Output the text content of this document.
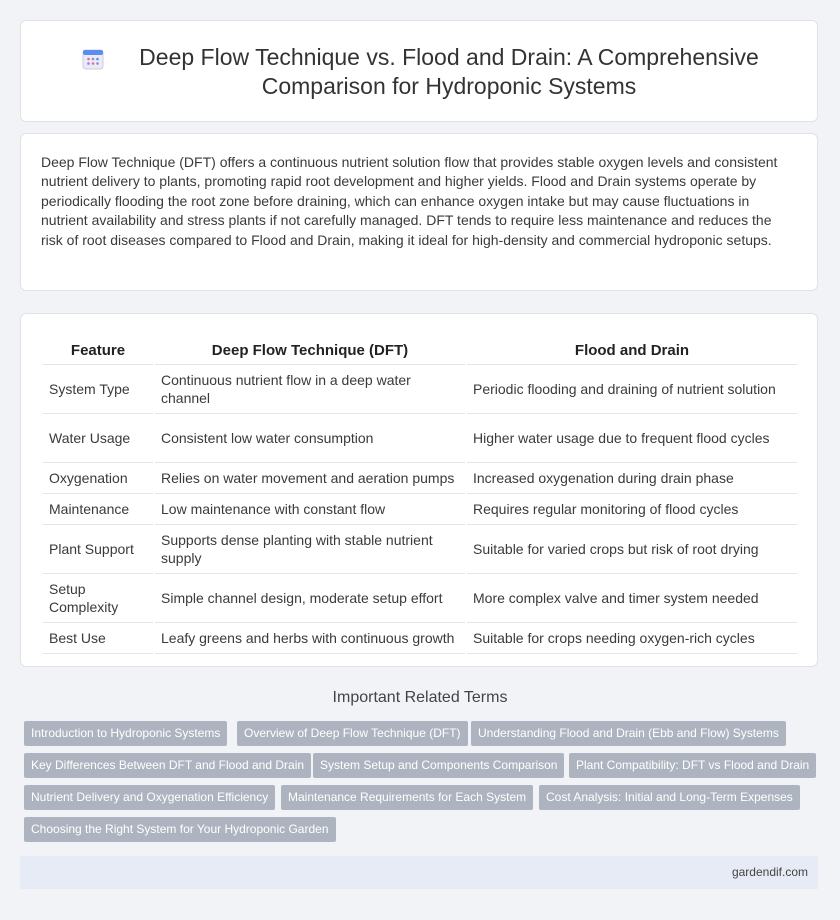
Deep Flow Technique vs. Flood and Drain: A Comprehensive Comparison for Hydroponic Systems

Deep Flow Technique (DFT) offers a continuous nutrient solution flow that provides stable oxygen levels and consistent nutrient delivery to plants, promoting rapid root development and higher yields. Flood and Drain systems operate by periodically flooding the root zone before draining, which can enhance oxygen intake but may cause fluctuations in nutrient availability and stress plants if not carefully managed. DFT tends to require less maintenance and reduces the risk of root diseases compared to Flood and Drain, making it ideal for high-density and commercial hydroponic setups.

Feature	Deep Flow Technique (DFT)	Flood and Drain
System Type	Continuous nutrient flow in a deep water channel	Periodic flooding and draining of nutrient solution
Water Usage	Consistent low water consumption	Higher water usage due to frequent flood cycles
Oxygenation	Relies on water movement and aeration pumps	Increased oxygenation during drain phase
Maintenance	Low maintenance with constant flow	Requires regular monitoring of flood cycles
Plant Support	Supports dense planting with stable nutrient supply	Suitable for varied crops but risk of root drying
Setup Complexity	Simple channel design, moderate setup effort	More complex valve and timer system needed
Best Use	Leafy greens and herbs with continuous growth	Suitable for crops needing oxygen-rich cycles
Important Related Terms
Introduction to Hydroponic Systems	Overview of Deep Flow Technique (DFT)	Understanding Flood and Drain (Ebb and Flow) Systems
Key Differences Between DFT and Flood and Drain	System Setup and Components Comparison	Plant Compatibility: DFT vs Flood and Drain
Nutrient Delivery and Oxygenation Efficiency	Maintenance Requirements for Each System	Cost Analysis: Initial and Long-Term Expenses
Choosing the Right System for Your Hydroponic Garden
gardendif.com
